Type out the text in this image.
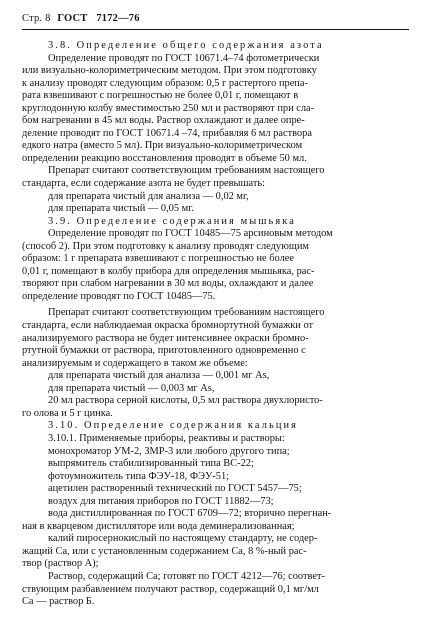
Стр. 8 ГОСТ 7172—76
3.8. Определение общего содержания азота
Определение проводят по ГОСТ 10671.4–74 фотометрически
или визуально-колориметрическим методом. При этом подготовку
к анализу проводят следующим образом: 0,5 г растертого препа-
рата взвешивают с погрешностью не более 0,01 г, помещают в
круглодонную колбу вместимостью 250 мл и растворяют при сла-
бом нагревании в 45 мл воды. Раствор охлаждают и далее опре-
деление проводят по ГОСТ 10671.4 –74, прибавляя 6 мл раствора
едкого натра (вместо 5 мл). При визуально-колориметрическом
определении реакцию восстановления проводят в объеме 50 мл.
Препарат считают соответствующим требованиям настоящего
стандарта, если содержание азота не будет превышать:
для препарата чистый для анализа — 0,02 мг,
для препарата чистый — 0,05 мг.
3.9. Определение содержания мышьяка
Определение проводят по ГОСТ 10485—75 арсиновым методом
(способ 2). При этом подготовку к анализу проводят следующим
образом: 1 г препарата взвешивают с погрешностью не более
0,01 г, помещают в колбу прибора для определения мышьяка, рас-
творяют при слабом нагревании в 30 мл воды, охлаждают и далее
определение проводят по ГОСТ 10485—75.
Препарат считают соответствующим требованиям настоящего
стандарта, если наблюдаемая окраска бромнортутной бумажки от
анализируемого раствора не будет интенсивнее окраски бромно-
ртутной бумажки от раствора, приготовленного одновременно с
анализируемым и содержащего в таком же объеме:
для препарата чистый для анализа — 0,001 мг As,
для препарата чистый — 0,003 мг As,
20 мл раствора серной кислоты, 0,5 мл раствора двухлористо-
го олова и 5 г цинка.
3.10. Определение содержания кальция
3.10.1. Применяемые приборы, реактивы и растворы:
монохроматор УМ-2, ЗМР-3 или любого другого типа;
выпрямитель стабилизированный типа ВС-22;
фотоумножитель типа ФЭУ-18, ФЭУ-51;
ацетилен растворенный технический по ГОСТ 5457—75;
воздух для питания приборов по ГОСТ 11882—73;
вода дистиллированная по ГОСТ 6709—72; вторично перегнан-
ная в кварцевом дистилляторе или вода деминерализованная;
калий пиросернокислый по настоящему стандарту, не содер-
жащий Са, или с установленным содержанием Са, 8 %-ный рас-
твор (раствор А);
Раствор, содержащий Са; готовят по ГОСТ 4212—76; соответ-
ствующим разбавлением получают раствор, содержащий 0,1 мг/мл
Са — раствор Б.
